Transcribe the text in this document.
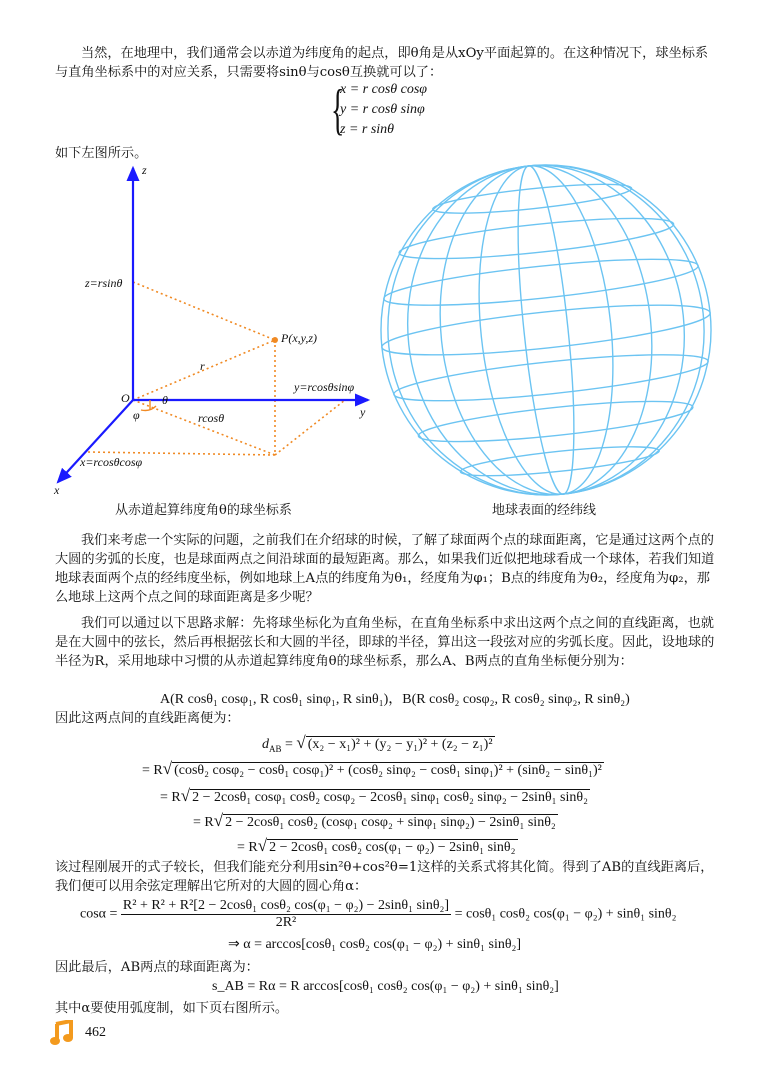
当然，在地理中，我们通常会以赤道为纬度角的起点，即θ角是从xOy平面起算的。在这种情况下，球坐标系与直角坐标系中的对应关系，只需要将sinθ与cosθ互换就可以了：
{
x = r cosθ cosφ
y = r cosθ sinφ
z = r sinθ
如下左图所示。
z
y
x
O
z=rsinθ
P(x,y,z)
r
y=rcosθsinφ
θ
φ	rcosθ
x=rcosθcosφ
从赤道起算纬度角θ的球坐标系	地球表面的经纬线
我们来考虑一个实际的问题，之前我们在介绍球的时候，了解了球面两个点的球面距离，它是通过这两个点的大圆的劣弧的长度，也是球面两点之间沿球面的最短距离。那么，如果我们近似把地球看成一个球体，若我们知道地球表面两个点的经纬度坐标，例如地球上A点的纬度角为θ₁，经度角为φ₁；B点的纬度角为θ₂，经度角为φ₂，那么地球上这两个点之间的球面距离是多少呢？
我们可以通过以下思路求解：先将球坐标化为直角坐标，在直角坐标系中求出这两个点之间的直线距离，也就是在大圆中的弦长，然后再根据弦长和大圆的半径，即球的半径，算出这一段弦对应的劣弧长度。因此，设地球的半径为R，采用地球中习惯的从赤道起算纬度角θ的球坐标系，那么A、B两点的直角坐标便分别为：
A(R cosθ₁ cosφ₁, R cosθ₁ sinφ₁, R sinθ₁)，B(R cosθ₂ cosφ₂, R cosθ₂ sinφ₂, R sinθ₂)
因此这两点间的直线距离便为：
$d_{AB}$ = √ (x₂ − x₁)² + (y₂ − y₁)² + (z₂ − z₁)²
= R√ (cosθ₂ cosφ₂ − cosθ₁ cosφ₁)² + (cosθ₂ sinφ₂ − cosθ₁ sinφ₁)² + (sinθ₂ − sinθ₁)²
= R√ 2 − 2cosθ₁ cosφ₁ cosθ₂ cosφ₂ − 2cosθ₁ sinφ₁ cosθ₂ sinφ₂ − 2sinθ₁ sinθ₂
= R√ 2 − 2cosθ₁ cosθ₂ (cosφ₁ cosφ₂ + sinφ₁ sinφ₂) − 2sinθ₁ sinθ₂
= R√ 2 − 2cosθ₁ cosθ₂ cos(φ₁ − φ₂) − 2sinθ₁ sinθ₂
该过程刚展开的式子较长，但我们能充分利用sin²θ+cos²θ=1这样的关系式将其化简。得到了AB的直线距离后，我们便可以用余弦定理解出它所对的大圆的圆心角α：
$\cos\alpha = \frac{\text{R² + R² + R²[2 − 2cosθ₁ cosθ₂ cos(φ₁ − φ₂) − 2sinθ₁ sinθ₂]}}{\text{2R²}} = \cos\theta_1$ cosθ₂ cos(φ₁ − φ₂) + sinθ₁ sinθ₂
⇒ α = arccos[cosθ₁ cosθ₂ cos(φ₁ − φ₂) + sinθ₁ sinθ₂]
因此最后，AB两点的球面距离为：
s_AB = Rα = R arccos[cosθ₁ cosθ₂ cos(φ₁ − φ₂) + sinθ₁ sinθ₂]
其中α要使用弧度制，如下页右图所示。
462
